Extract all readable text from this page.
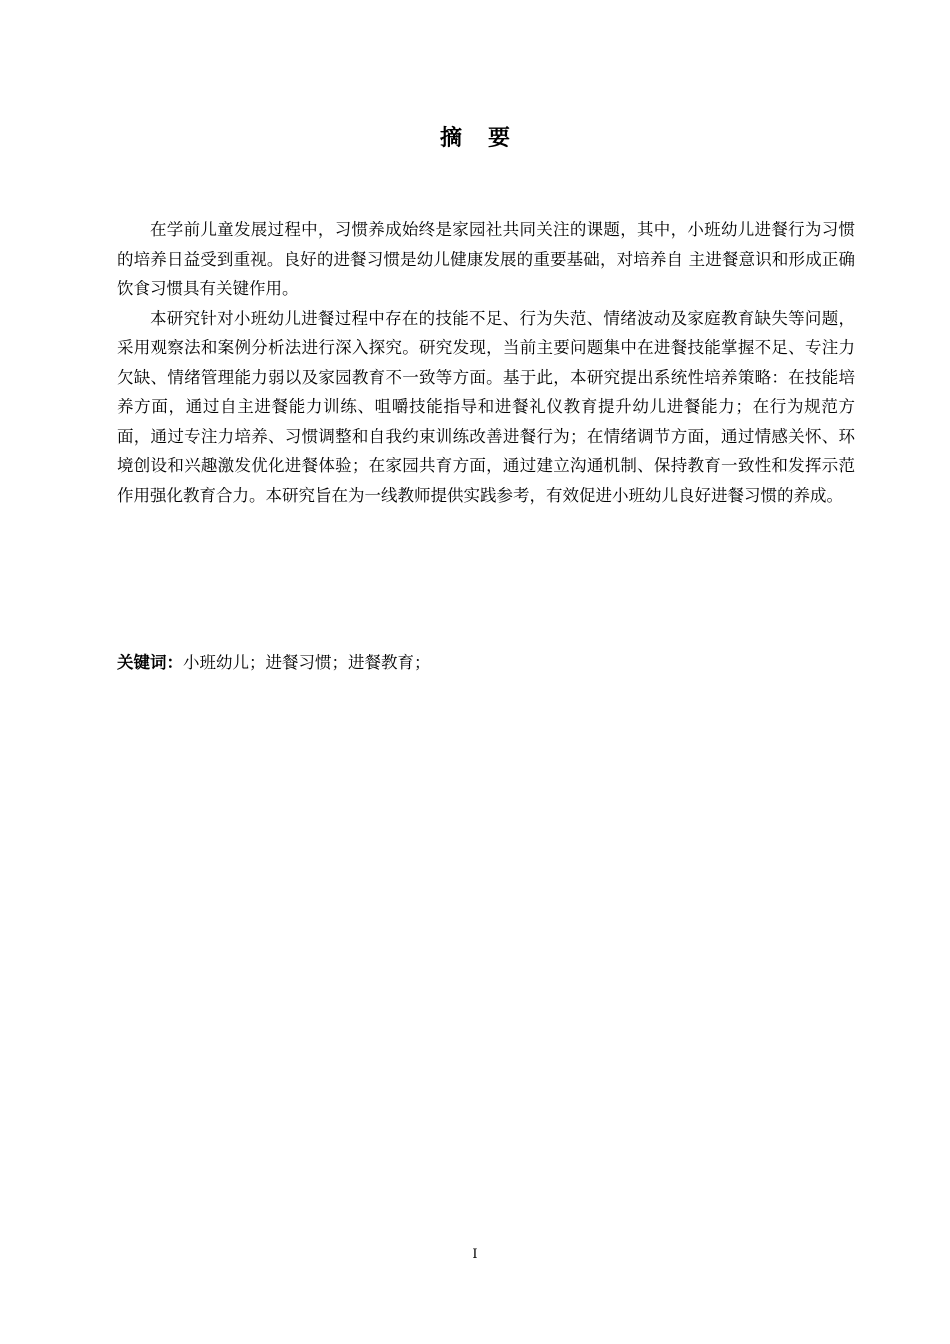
摘要

在学前儿童发展过程中，习惯养成始终是家园社共同关注的课题，其中，小班幼儿进餐行为习惯的培养日益受到重视。良好的进餐习惯是幼儿健康发展的重要基础，对培养自 主进餐意识和形成正确饮食习惯具有关键作用。

本研究针对小班幼儿进餐过程中存在的技能不足、行为失范、情绪波动及家庭教育缺失等问题，采用观察法和案例分析法进行深入探究。研究发现，当前主要问题集中在进餐技能掌握不足、专注力欠缺、情绪管理能力弱以及家园教育不一致等方面。基于此，本研究提出系统性培养策略：在技能培养方面，通过自主进餐能力训练、咀嚼技能指导和进餐礼仪教育提升幼儿进餐能力；在行为规范方面，通过专注力培养、习惯调整和自我约束训练改善进餐行为；在情绪调节方面，通过情感关怀、环境创设和兴趣激发优化进餐体验；在家园共育方面，通过建立沟通机制、保持教育一致性和发挥示范作用强化教育合力。本研究旨在为一线教师提供实践参考，有效促进小班幼儿良好进餐习惯的养成。

关键词：小班幼儿；进餐习惯；进餐教育；
I
